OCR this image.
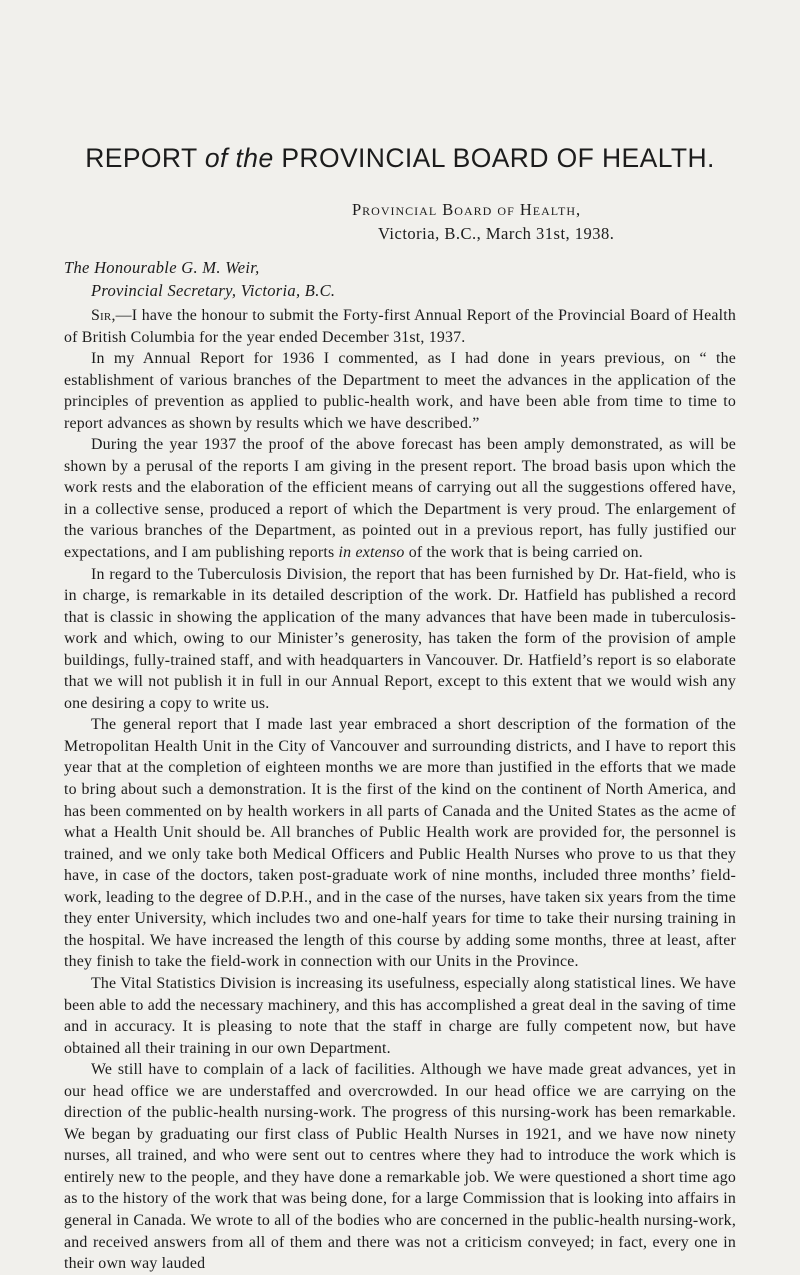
REPORT of the PROVINCIAL BOARD OF HEALTH.
Provincial Board of Health,
Victoria, B.C., March 31st, 1938.
The Honourable G. M. Weir,
Provincial Secretary, Victoria, B.C.

Sir,—I have the honour to submit the Forty-first Annual Report of the Provincial Board of Health of British Columbia for the year ended December 31st, 1937.

In my Annual Report for 1936 I commented, as I had done in years previous, on “ the establishment of various branches of the Department to meet the advances in the application of the principles of prevention as applied to public-health work, and have been able from time to time to report advances as shown by results which we have described.”

During the year 1937 the proof of the above forecast has been amply demonstrated, as will be shown by a perusal of the reports I am giving in the present report. The broad basis upon which the work rests and the elaboration of the efficient means of carrying out all the suggestions offered have, in a collective sense, produced a report of which the Department is very proud. The enlargement of the various branches of the Department, as pointed out in a previous report, has fully justified our expectations, and I am publishing reports in extenso of the work that is being carried on.

In regard to the Tuberculosis Division, the report that has been furnished by Dr. Hat-field, who is in charge, is remarkable in its detailed description of the work. Dr. Hatfield has published a record that is classic in showing the application of the many advances that have been made in tuberculosis-work and which, owing to our Minister’s generosity, has taken the form of the provision of ample buildings, fully-trained staff, and with headquarters in Vancouver. Dr. Hatfield’s report is so elaborate that we will not publish it in full in our Annual Report, except to this extent that we would wish any one desiring a copy to write us.

The general report that I made last year embraced a short description of the formation of the Metropolitan Health Unit in the City of Vancouver and surrounding districts, and I have to report this year that at the completion of eighteen months we are more than justified in the efforts that we made to bring about such a demonstration. It is the first of the kind on the continent of North America, and has been commented on by health workers in all parts of Canada and the United States as the acme of what a Health Unit should be. All branches of Public Health work are provided for, the personnel is trained, and we only take both Medical Officers and Public Health Nurses who prove to us that they have, in case of the doctors, taken post-graduate work of nine months, included three months’ field-work, leading to the degree of D.P.H., and in the case of the nurses, have taken six years from the time they enter University, which includes two and one-half years for time to take their nursing training in the hospital. We have increased the length of this course by adding some months, three at least, after they finish to take the field-work in connection with our Units in the Province.

The Vital Statistics Division is increasing its usefulness, especially along statistical lines. We have been able to add the necessary machinery, and this has accomplished a great deal in the saving of time and in accuracy. It is pleasing to note that the staff in charge are fully competent now, but have obtained all their training in our own Department.

We still have to complain of a lack of facilities. Although we have made great advances, yet in our head office we are understaffed and overcrowded. In our head office we are carrying on the direction of the public-health nursing-work. The progress of this nursing-work has been remarkable. We began by graduating our first class of Public Health Nurses in 1921, and we have now ninety nurses, all trained, and who were sent out to centres where they had to introduce the work which is entirely new to the people, and they have done a remarkable job. We were questioned a short time ago as to the history of the work that was being done, for a large Commission that is looking into affairs in general in Canada. We wrote to all of the bodies who are concerned in the public-health nursing-work, and received answers from all of them and there was not a criticism conveyed; in fact, every one in their own way lauded
